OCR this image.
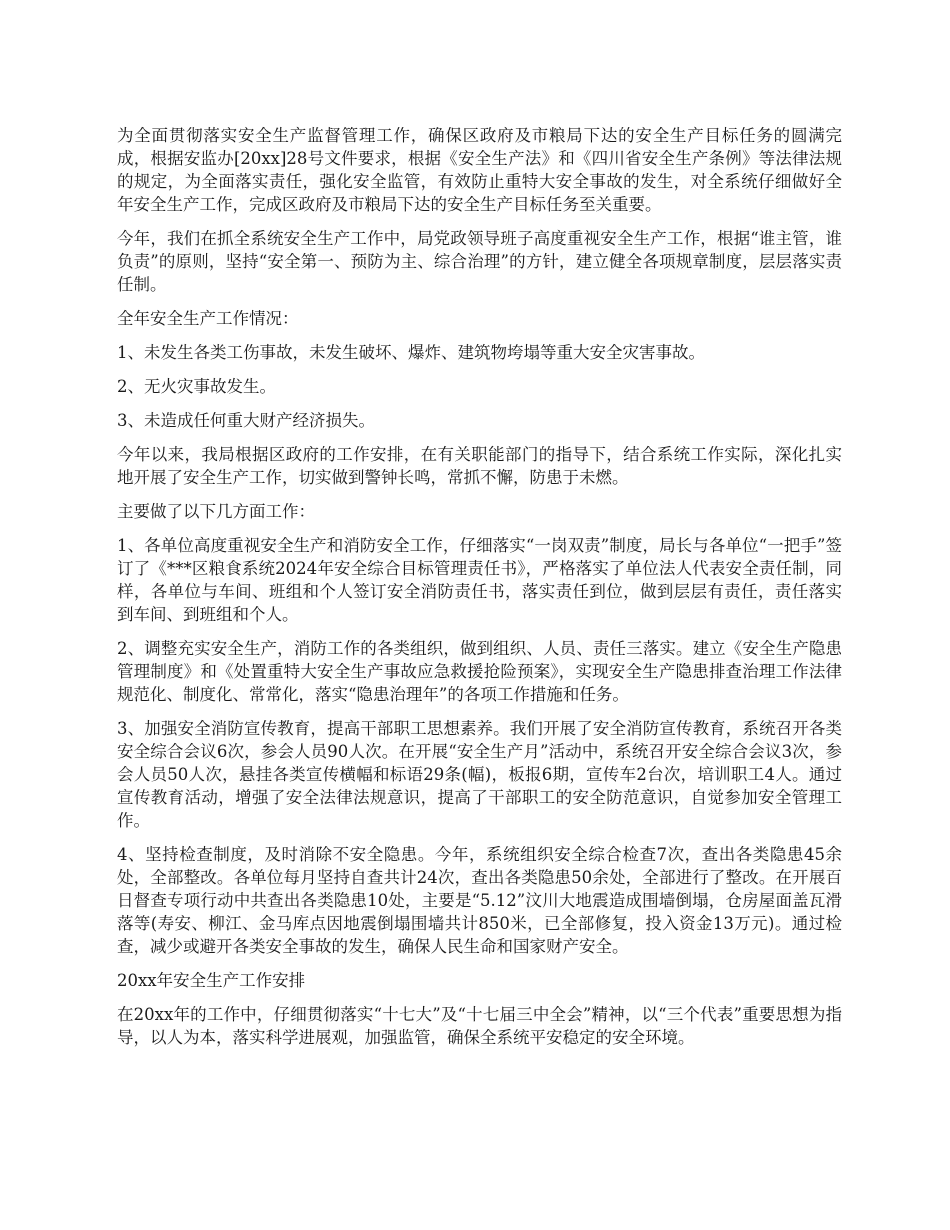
为全面贯彻落实安全生产监督管理工作，确保区政府及市粮局下达的安全生产目标任务的圆满完成，根据安监办[20xx]28号文件要求，根据《安全生产法》和《四川省安全生产条例》等法律法规的规定，为全面落实责任，强化安全监管，有效防止重特大安全事故的发生，对全系统仔细做好全年安全生产工作，完成区政府及市粮局下达的安全生产目标任务至关重要。

今年，我们在抓全系统安全生产工作中，局党政领导班子高度重视安全生产工作，根据“谁主管，谁负责”的原则，坚持“安全第一、预防为主、综合治理”的方针，建立健全各项规章制度，层层落实责任制。

全年安全生产工作情况：

1、未发生各类工伤事故，未发生破坏、爆炸、建筑物垮塌等重大安全灾害事故。

2、无火灾事故发生。

3、未造成任何重大财产经济损失。

今年以来，我局根据区政府的工作安排，在有关职能部门的指导下，结合系统工作实际，深化扎实地开展了安全生产工作，切实做到警钟长鸣，常抓不懈，防患于未燃。

主要做了以下几方面工作：

1、各单位高度重视安全生产和消防安全工作，仔细落实“一岗双责”制度，局长与各单位“一把手”签订了《***区粮食系统2024年安全综合目标管理责任书》，严格落实了单位法人代表安全责任制，同样，各单位与车间、班组和个人签订安全消防责任书，落实责任到位，做到层层有责任，责任落实到车间、到班组和个人。

2、调整充实安全生产，消防工作的各类组织，做到组织、人员、责任三落实。建立《安全生产隐患管理制度》和《处置重特大安全生产事故应急救援抢险预案》，实现安全生产隐患排查治理工作法律规范化、制度化、常常化，落实“隐患治理年”的各项工作措施和任务。

3、加强安全消防宣传教育，提高干部职工思想素养。我们开展了安全消防宣传教育，系统召开各类安全综合会议6次，参会人员90人次。在开展“安全生产月”活动中，系统召开安全综合会议3次，参会人员50人次，悬挂各类宣传横幅和标语29条(幅)，板报6期，宣传车2台次，培训职工4人。通过宣传教育活动，增强了安全法律法规意识，提高了干部职工的安全防范意识，自觉参加安全管理工作。

4、坚持检查制度，及时消除不安全隐患。今年，系统组织安全综合检查7次，查出各类隐患45余处，全部整改。各单位每月坚持自查共计24次，查出各类隐患50余处，全部进行了整改。在开展百日督查专项行动中共查出各类隐患10处，主要是“5.12”汶川大地震造成围墙倒塌，仓房屋面盖瓦滑落等(寿安、柳江、金马库点因地震倒塌围墙共计850米，已全部修复，投入资金13万元)。通过检查，减少或避开各类安全事故的发生，确保人民生命和国家财产安全。

20xx年安全生产工作安排

在20xx年的工作中，仔细贯彻落实“十七大”及“十七届三中全会”精神，以“三个代表”重要思想为指导，以人为本，落实科学进展观，加强监管，确保全系统平安稳定的安全环境。
